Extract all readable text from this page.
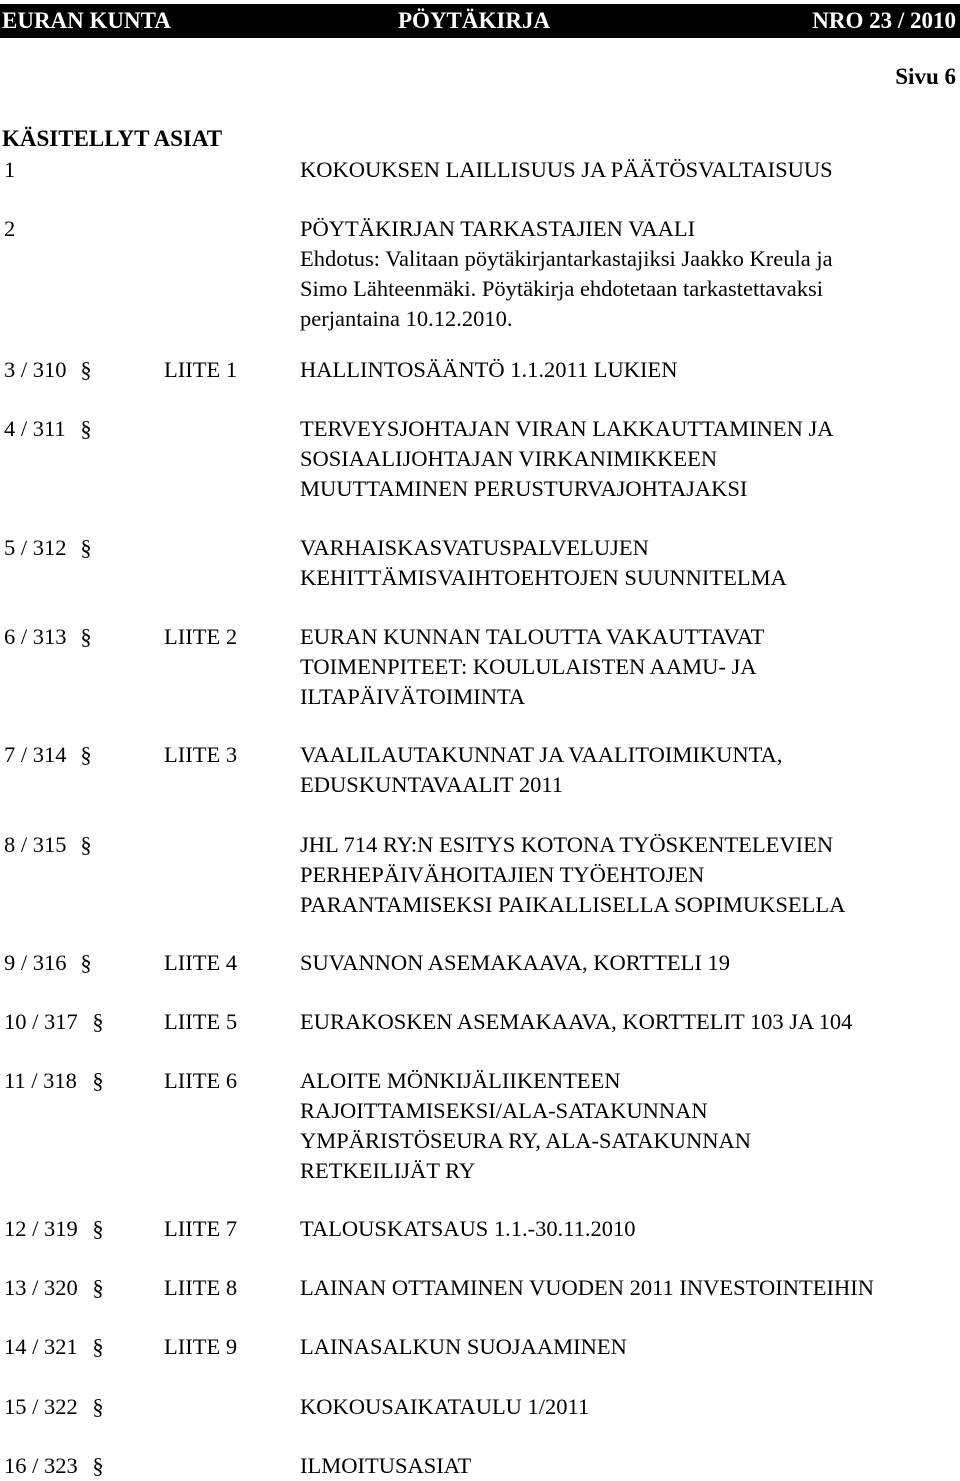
EURAN KUNTA	PÖYTÄKIRJA	NRO 23 / 2010
Sivu 6
KÄSITELLYT ASIAT
1	KOKOUKSEN LAILLISUUS JA PÄÄTÖSVALTAISUUS
2	PÖYTÄKIRJAN TARKASTAJIEN VAALI
Ehdotus: Valitaan pöytäkirjantarkastajiksi Jaakko Kreula ja
Simo Lähteenmäki. Pöytäkirja ehdotetaan tarkastettavaksi
perjantaina 10.12.2010.
3 / 310 §	LIITE 1	HALLINTOSÄÄNTÖ 1.1.2011 LUKIEN
4 / 311 §	TERVEYSJOHTAJAN VIRAN LAKKAUTTAMINEN JA
SOSIAALIJOHTAJAN VIRKANIMIKKEEN
MUUTTAMINEN PERUSTURVAJOHTAJAKSI
5 / 312 §	VARHAISKASVATUSPALVELUJEN
KEHITTÄMISVAIHTOEHTOJEN SUUNNITELMA
6 / 313 §	LIITE 2	EURAN KUNNAN TALOUTTA VAKAUTTAVAT
TOIMENPITEET: KOULULAISTEN AAMU- JA
ILTAPÄIVÄTOIMINTA
7 / 314 §	LIITE 3	VAALILAUTAKUNNAT JA VAALITOIMIKUNTA,
EDUSKUNTAVAALIT 2011
8 / 315 §	JHL 714 RY:N ESITYS KOTONA TYÖSKENTELEVIEN
PERHEPÄIVÄHOITAJIEN TYÖEHTOJEN
PARANTAMISEKSI PAIKALLISELLA SOPIMUKSELLA
9 / 316 §	LIITE 4	SUVANNON ASEMAKAAVA, KORTTELI 19
10 / 317 §	LIITE 5	EURAKOSKEN ASEMAKAAVA, KORTTELIT 103 JA 104
11 / 318 §	LIITE 6	ALOITE MÖNKIJÄLIIKENTEEN
RAJOITTAMISEKSI/ALA-SATAKUNNAN
YMPÄRISTÖSEURA RY, ALA-SATAKUNNAN
RETKEILIJÄT RY
12 / 319 §	LIITE 7	TALOUSKATSAUS 1.1.-30.11.2010
13 / 320 §	LIITE 8	LAINAN OTTAMINEN VUODEN 2011 INVESTOINTEIHIN
14 / 321 §	LIITE 9	LAINASALKUN SUOJAAMINEN
15 / 322 §	KOKOUSAIKATAULU 1/2011
16 / 323 §	ILMOITUSASIAT
